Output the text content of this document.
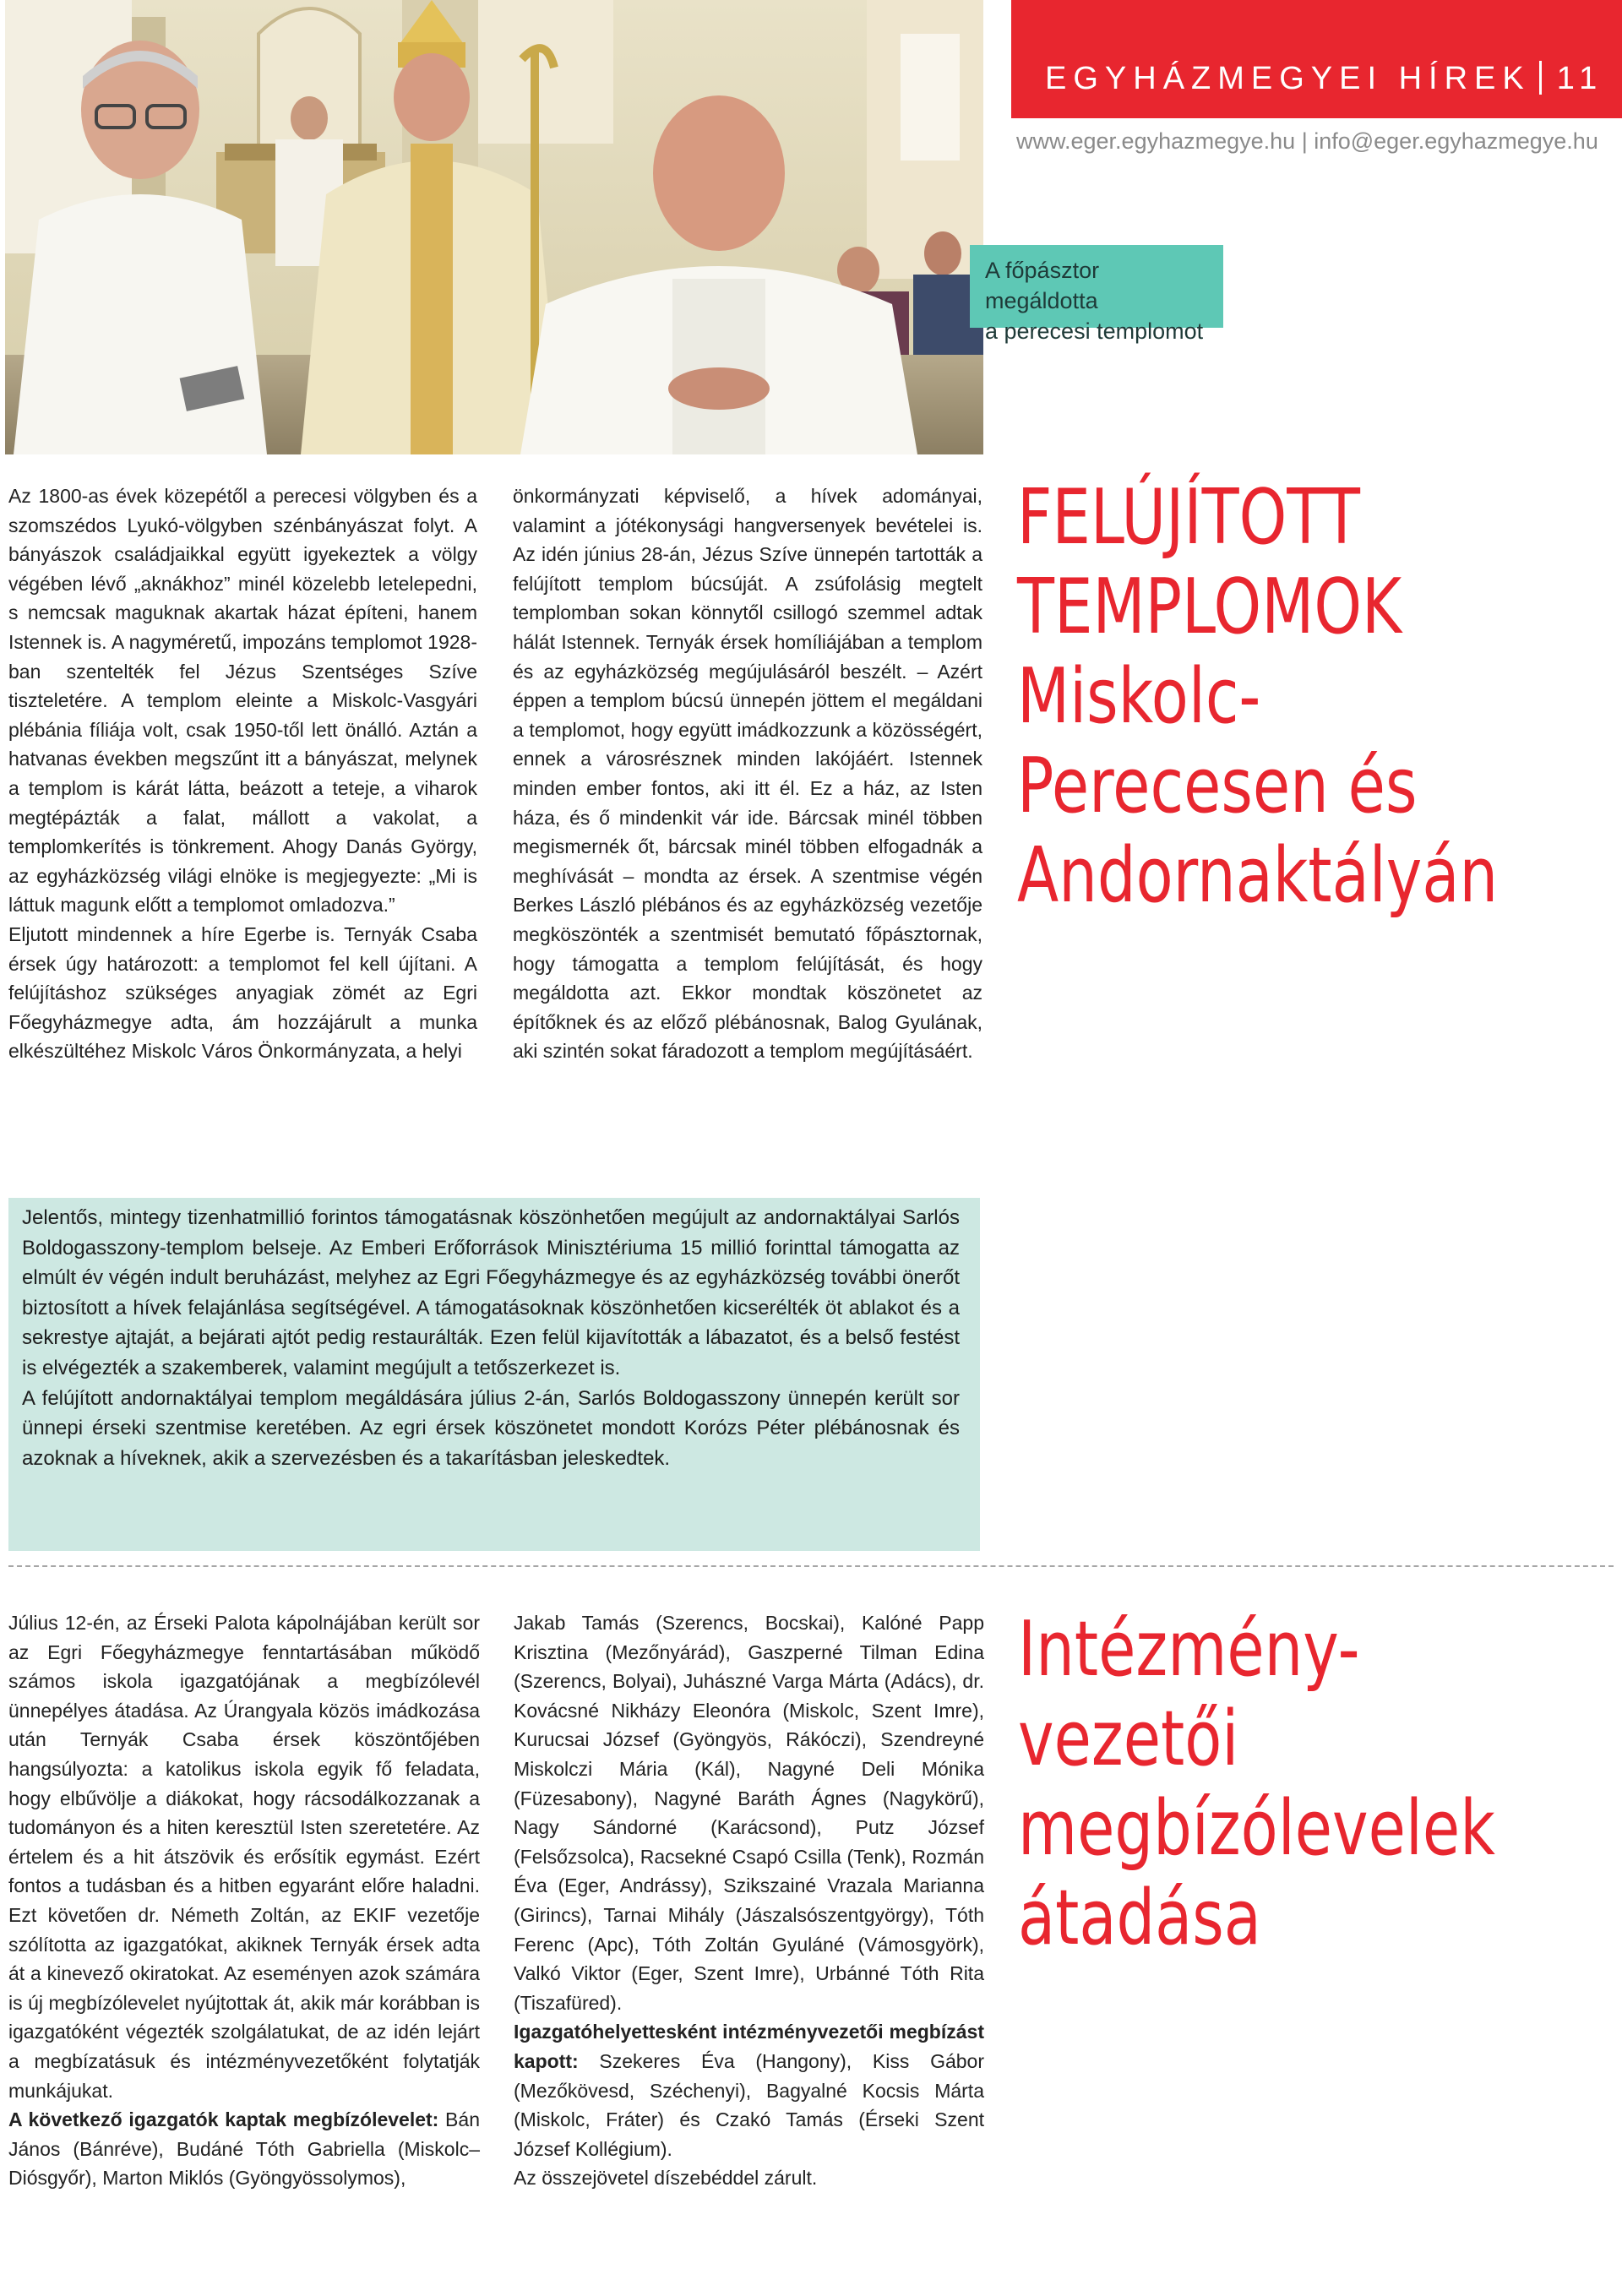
EGYHÁZMEGYEI HÍREK 11
www.eger.egyhazmegye.hu | info@eger.egyhazmegye.hu
A főpásztor megáldotta
a perecesi templomot

Az 1800-as évek közepétől a perecesi völgyben és a szomszédos Lyukó-völgyben szénbányászat folyt. A bányászok családjaikkal együtt igyekeztek a völgy végében lévő „aknákhoz” minél közelebb letelepedni, s nemcsak maguknak akartak házat építeni, hanem Istennek is. A nagyméretű, impozáns templomot 1928-ban szentelték fel Jézus Szentséges Szíve tiszteletére. A templom eleinte a Miskolc-Vasgyári plébánia fíliája volt, csak 1950-től lett önálló. Aztán a hatvanas években megszűnt itt a bányászat, melynek a templom is kárát látta, beázott a teteje, a viharok megtépázták a falat, mállott a vakolat, a templomkerítés is tönkrement. Ahogy Danás György, az egyházközség világi elnöke is megjegyezte: „Mi is láttuk magunk előtt a templomot omladozva.”

Eljutott mindennek a híre Egerbe is. Ternyák Csaba érsek úgy határozott: a templomot fel kell újítani. A felújításhoz szükséges anyagiak zömét az Egri Főegyházmegye adta, ám hozzájárult a munka elkészültéhez Miskolc Város Önkormányzata, a helyi

önkormányzati képviselő, a hívek adományai, valamint a jótékonysági hangversenyek bevételei is. Az idén június 28-án, Jézus Szíve ünnepén tartották a felújított templom búcsúját. A zsúfolásig megtelt templomban sokan könnytől csillogó szemmel adtak hálát Istennek. Ternyák érsek homíliájában a templom és az egyházközség megújulásáról beszélt. – Azért éppen a templom búcsú ünnepén jöttem el megáldani a templomot, hogy együtt imádkozzunk a közösségért, ennek a városrésznek minden lakójáért. Istennek minden ember fontos, aki itt él. Ez a ház, az Isten háza, és ő mindenkit vár ide. Bárcsak minél többen megismernék őt, bárcsak minél többen elfogadnák a meghívását – mondta az érsek. A szentmise végén Berkes László plébános és az egyházközség vezetője megköszönték a szentmisét bemutató főpásztornak, hogy támogatta a templom felújítását, és hogy megáldotta azt. Ekkor mondtak köszönetet az építőknek és az előző plébánosnak, Balog Gyulának, aki szintén sokat fáradozott a templom megújításáért.

FELÚJÍTOTT
TEMPLOMOK
Miskolc-
Perecesen és
Andornaktályán

Jelentős, mintegy tizenhatmillió forintos támogatásnak köszönhetően megújult az andornaktályai Sarlós Boldogasszony-templom belseje. Az Emberi Erőforrások Minisztériuma 15 millió forinttal támogatta az elmúlt év végén indult beruházást, melyhez az Egri Főegyházmegye és az egyházközség további önerőt biztosított a hívek felajánlása segítségével. A támogatásoknak köszönhetően kicserélték öt ablakot és a sekrestye ajtaját, a bejárati ajtót pedig restaurálták. Ezen felül kijavították a lábazatot, és a belső festést is elvégezték a szakemberek, valamint megújult a tetőszerkezet is.

A felújított andornaktályai templom megáldására július 2-án, Sarlós Boldogasszony ünnepén került sor ünnepi érseki szentmise keretében. Az egri érsek köszönetet mondott Korózs Péter plébánosnak és azoknak a híveknek, akik a szervezésben és a takarításban jeleskedtek.

Július 12-én, az Érseki Palota kápolnájában került sor az Egri Főegyházmegye fenntartásában működő számos iskola igazgatójának a megbízólevél ünnepélyes átadása. Az Úrangyala közös imádkozása után Ternyák Csaba érsek köszöntőjében hangsúlyozta: a katolikus iskola egyik fő feladata, hogy elbűvölje a diákokat, hogy rácsodálkozzanak a tudományon és a hiten keresztül Isten szeretetére. Az értelem és a hit átszövik és erősítik egymást. Ezért fontos a tudásban és a hitben egyaránt előre haladni. Ezt követően dr. Németh Zoltán, az EKIF vezetője szólította az igazgatókat, akiknek Ternyák érsek adta át a kinevező okiratokat. Az eseményen azok számára is új megbízólevelet nyújtottak át, akik már korábban is igazgatóként végezték szolgálatukat, de az idén lejárt a megbízatásuk és intézményvezetőként folytatják munkájukat.

A következő igazgatók kaptak megbízólevelet: Bán János (Bánréve), Budáné Tóth Gabriella (Miskolc–Diósgyőr), Marton Miklós (Gyöngyössolymos),

Jakab Tamás (Szerencs, Bocskai), Kalóné Papp Krisztina (Mezőnyárád), Gaszperné Tilman Edina (Szerencs, Bolyai), Juhászné Varga Márta (Adács), dr. Kovácsné Nikházy Eleonóra (Miskolc, Szent Imre), Kurucsai József (Gyöngyös, Rákóczi), Szendreyné Miskolczi Mária (Kál), Nagyné Deli Mónika (Füzesabony), Nagyné Baráth Ágnes (Nagykörű), Nagy Sándorné (Karácsond), Putz József (Felsőzsolca), Racsekné Csapó Csilla (Tenk), Rozmán Éva (Eger, Andrássy), Szikszainé Vrazala Marianna (Girincs), Tarnai Mihály (Jászalsószentgyörgy), Tóth Ferenc (Apc), Tóth Zoltán Gyuláné (Vámosgyörk), Valkó Viktor (Eger, Szent Imre), Urbánné Tóth Rita (Tiszafüred).

Igazgatóhelyettesként intézményvezetői megbízást kapott: Szekeres Éva (Hangony), Kiss Gábor (Mezőkövesd, Széchenyi), Bagyalné Kocsis Márta (Miskolc, Fráter) és Czakó Tamás (Érseki Szent József Kollégium).

Az összejövetel díszebéddel zárult.

Intézmény-
vezetői
megbízólevelek
átadása
